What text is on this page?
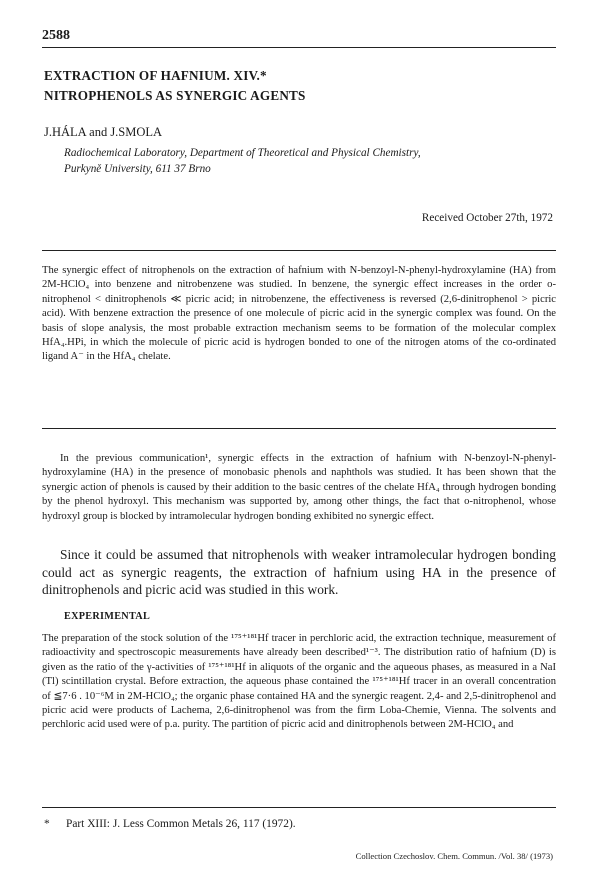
2588
EXTRACTION OF HAFNIUM. XIV.*
NITROPHENOLS AS SYNERGIC AGENTS
J.HÁLA and J.SMOLA
Radiochemical Laboratory, Department of Theoretical and Physical Chemistry,
Purkyně University, 611 37 Brno
Received October 27th, 1972
The synergic effect of nitrophenols on the extraction of hafnium with N-benzoyl-N-phenyl-hydroxylamine (HA) from 2M-HClO₄ into benzene and nitrobenzene was studied. In benzene, the synergic effect increases in the order o-nitrophenol < dinitrophenols ≪ picric acid; in nitrobenzene, the effectiveness is reversed (2,6-dinitrophenol > picric acid). With benzene extraction the presence of one molecule of picric acid in the synergic complex was found. On the basis of slope analysis, the most probable extraction mechanism seems to be formation of the molecular complex HfA₄.HPi, in which the molecule of picric acid is hydrogen bonded to one of the nitrogen atoms of the co-ordinated ligand A⁻ in the HfA₄ chelate.
In the previous communication¹, synergic effects in the extraction of hafnium with N-benzoyl-N-phenyl-hydroxylamine (HA) in the presence of monobasic phenols and naphthols was studied. It has been shown that the synergic action of phenols is caused by their addition to the basic centres of the chelate HfA₄ through hydrogen bonding by the phenol hydroxyl. This mechanism was supported by, among other things, the fact that o-nitrophenol, whose hydroxyl group is blocked by intramolecular hydrogen bonding exhibited no synergic effect.
Since it could be assumed that nitrophenols with weaker intramolecular hydrogen bonding could act as synergic reagents, the extraction of hafnium using HA in the presence of dinitrophenols and picric acid was studied in this work.
EXPERIMENTAL
The preparation of the stock solution of the ¹⁷⁵⁺¹⁸¹Hf tracer in perchloric acid, the extraction technique, measurement of radioactivity and spectroscopic measurements have already been described¹⁻³. The distribution ratio of hafnium (D) is given as the ratio of the γ-activities of ¹⁷⁵⁺¹⁸¹Hf in aliquots of the organic and the aqueous phases, as measured in a NaI (Tl) scintillation crystal. Before extraction, the aqueous phase contained the ¹⁷⁵⁺¹⁸¹Hf tracer in an overall concentration of ≦7·6 . 10⁻⁶M in 2M-HClO₄; the organic phase contained HA and the synergic reagent. 2,4- and 2,5-dinitrophenol and picric acid were products of Lachema, 2,6-dinitrophenol was from the firm Loba-Chemie, Vienna. The solvents and perchloric acid used were of p.a. purity. The partition of picric acid and dinitrophenols between 2M-HClO₄ and
* Part XIII: J. Less Common Metals 26, 117 (1972).
Collection Czechoslov. Chem. Commun. /Vol. 38/ (1973)
